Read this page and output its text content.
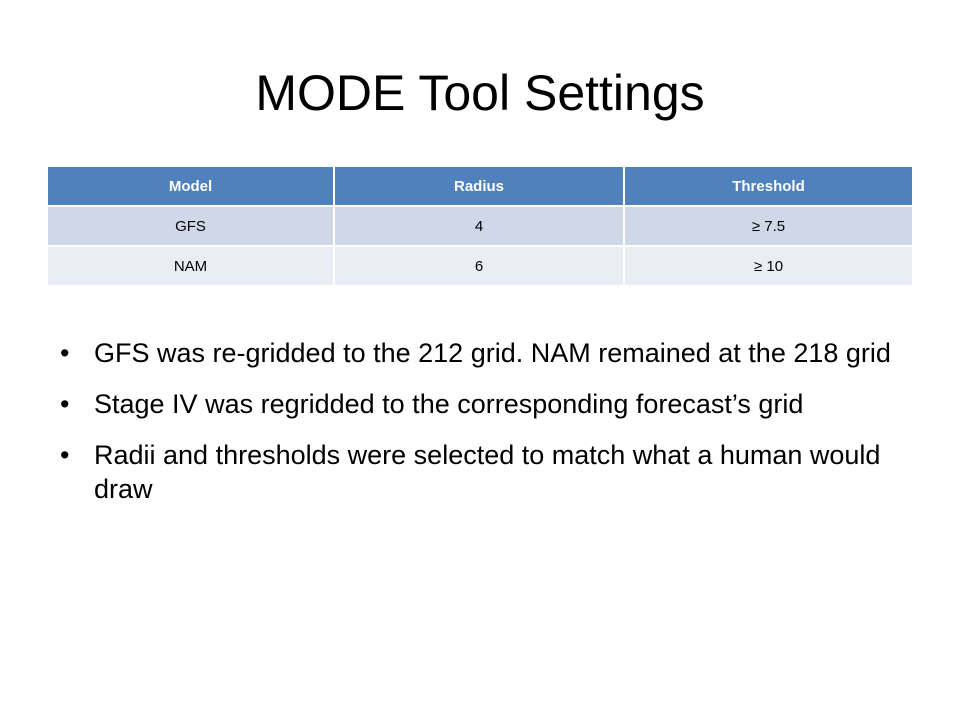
MODE Tool Settings
Model	Radius	Threshold
GFS	4	≥ 7.5
NAM	6	≥ 10
• GFS was re-gridded to the 212 grid. NAM remained at the 218 grid
• Stage IV was regridded to the corresponding forecast’s grid
• Radii and thresholds were selected to match what a human would draw
